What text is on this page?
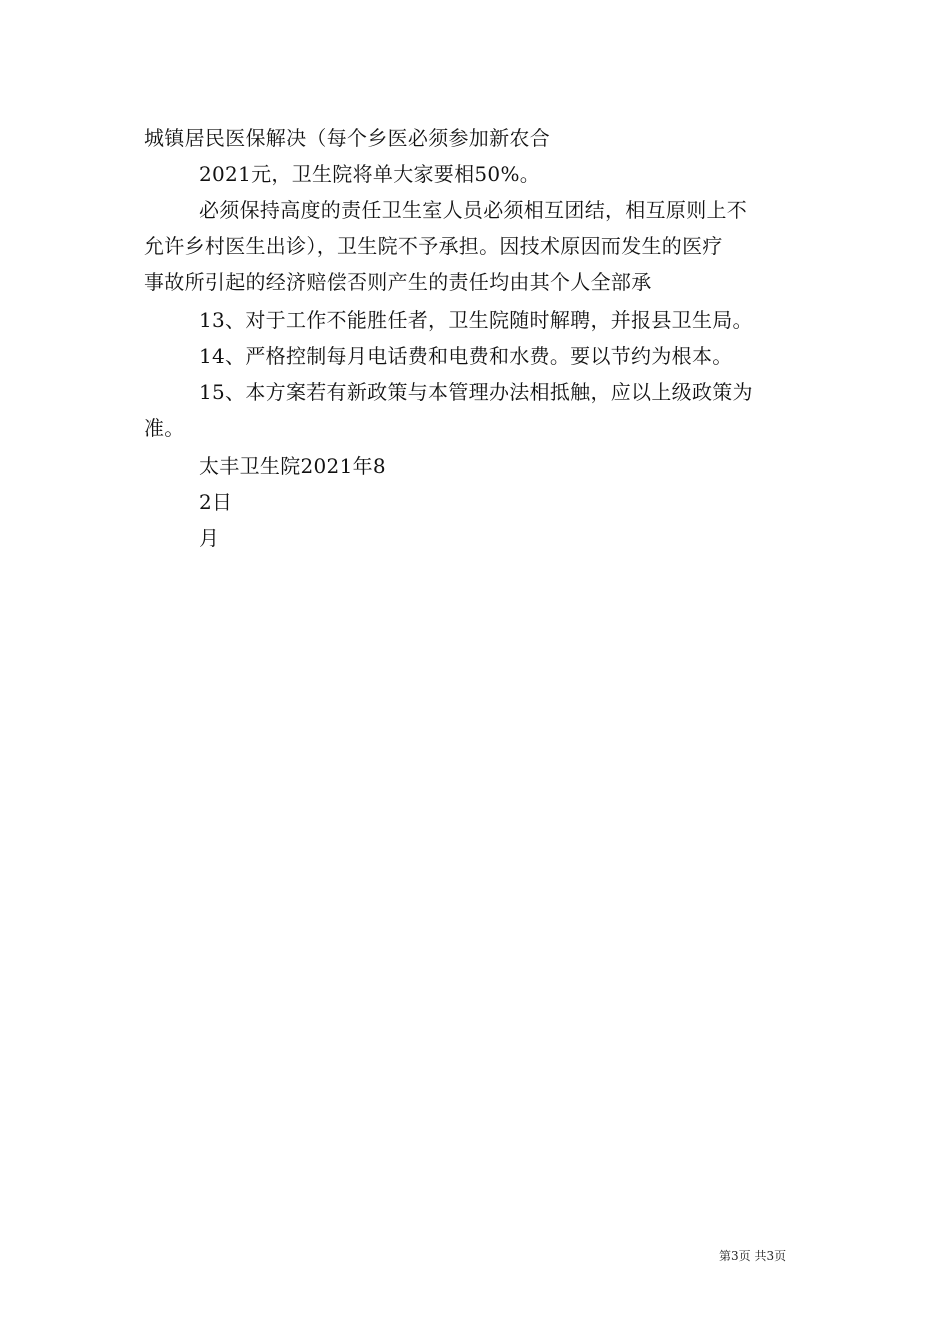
城镇居民医保解决（每个乡医必须参加新农合
2021元，卫生院将单大家要相50%。
必须保持高度的责任卫生室人员必须相互团结，相互原则上不
允许乡村医生出诊），卫生院不予承担。因技术原因而发生的医疗
事故所引起的经济赔偿否则产生的责任均由其个人全部承
13、对于工作不能胜任者，卫生院随时解聘，并报县卫生局。
14、严格控制每月电话费和电费和水费。要以节约为根本。
15、本方案若有新政策与本管理办法相抵触，应以上级政策为
准。
太丰卫生院2021年8
2日
月
第3页 共3页
